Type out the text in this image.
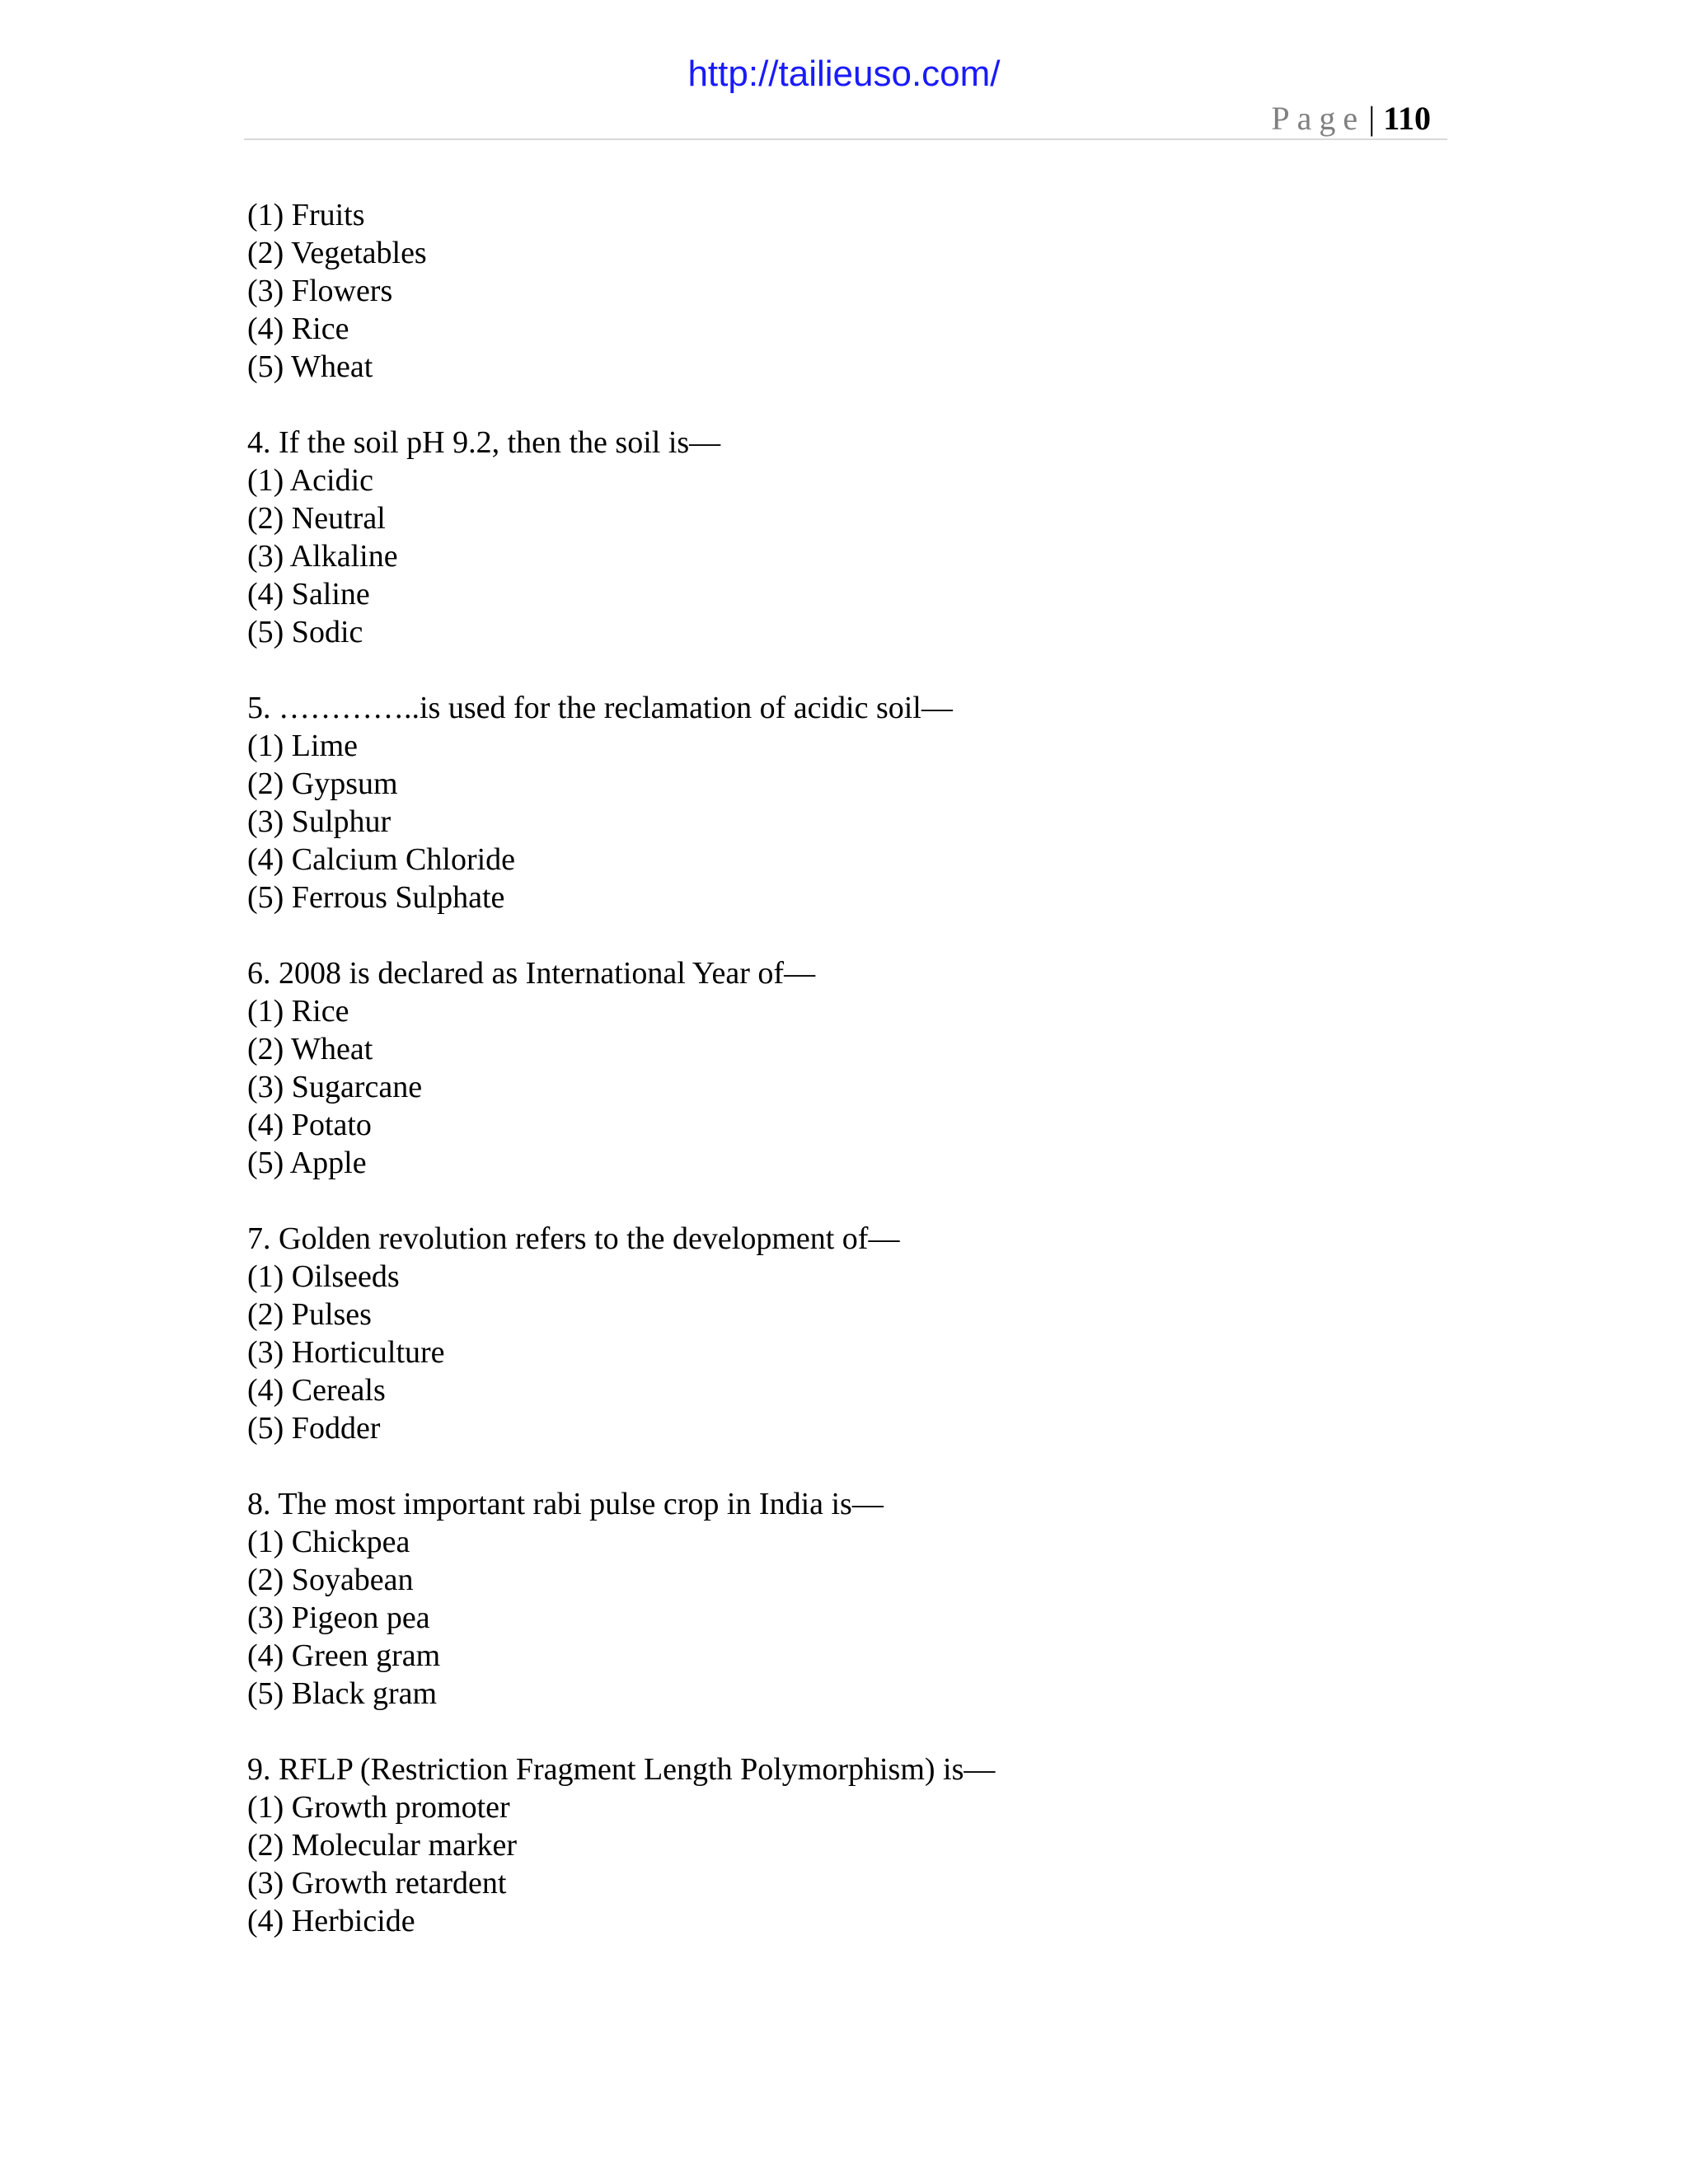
http://tailieuso.com/
Page | 110
(1) Fruits
(2) Vegetables
(3) Flowers
(4) Rice
(5) Wheat
4. If the soil pH 9.2, then the soil is—
(1) Acidic
(2) Neutral
(3) Alkaline
(4) Saline
(5) Sodic
5. …………..is used for the reclamation of acidic soil—
(1) Lime
(2) Gypsum
(3) Sulphur
(4) Calcium Chloride
(5) Ferrous Sulphate
6. 2008 is declared as International Year of—
(1) Rice
(2) Wheat
(3) Sugarcane
(4) Potato
(5) Apple
7. Golden revolution refers to the development of—
(1) Oilseeds
(2) Pulses
(3) Horticulture
(4) Cereals
(5) Fodder
8. The most important rabi pulse crop in India is—
(1) Chickpea
(2) Soyabean
(3) Pigeon pea
(4) Green gram
(5) Black gram
9. RFLP (Restriction Fragment Length Polymorphism) is—
(1) Growth promoter
(2) Molecular marker
(3) Growth retardent
(4) Herbicide
